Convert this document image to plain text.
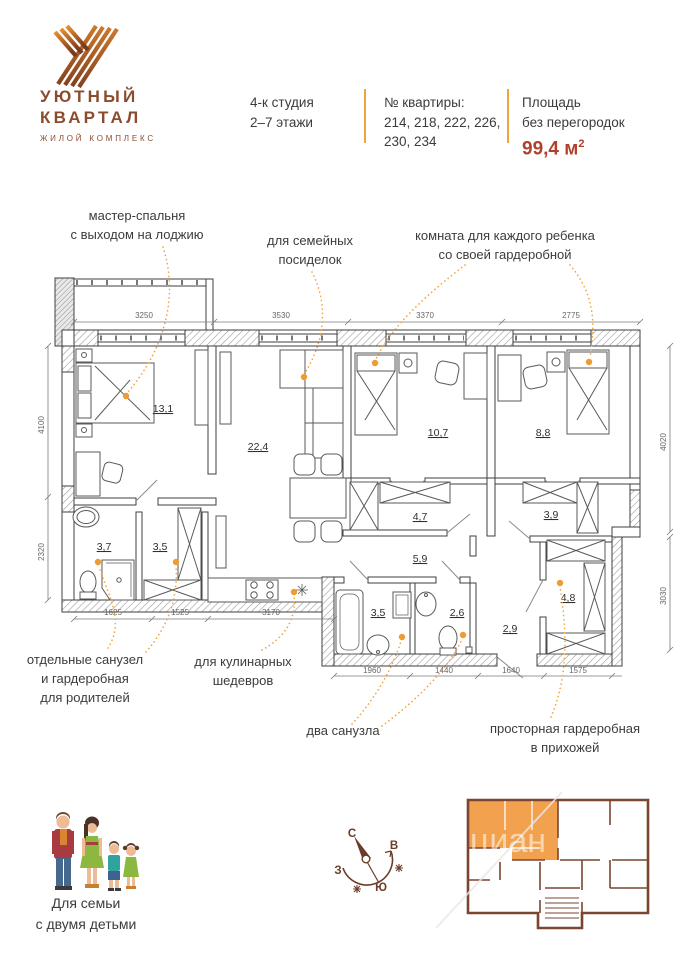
3250	3530	3370	2775
4100
2320
4020
3030
1625	1525	3170
1960	1440	1640	1575
13,1
22,4
10,7	8,8
3,7	3,5
4,7	3,9
5,9
3,5	2,6
2,9
4,8
С
В
З
Ю
циан
УЮТНЫЙ
КВАРТАЛ
ЖИЛОЙ КОМПЛЕКС
4-к студия
2–7 этажи
№ квартиры:
214, 218, 222, 226,
230, 234
Площадь
без перегородок
99,4 $м^2$
мастер-спальня
с выходом на лоджию	для семейных
посиделок
комната для каждого ребенка
со своей гардеробной
отдельные санузел
и гардеробная
для родителей
для кулинарных
шедевров
два санузла	просторная гардеробная
в прихожей
Для семьи
с двумя детьми
